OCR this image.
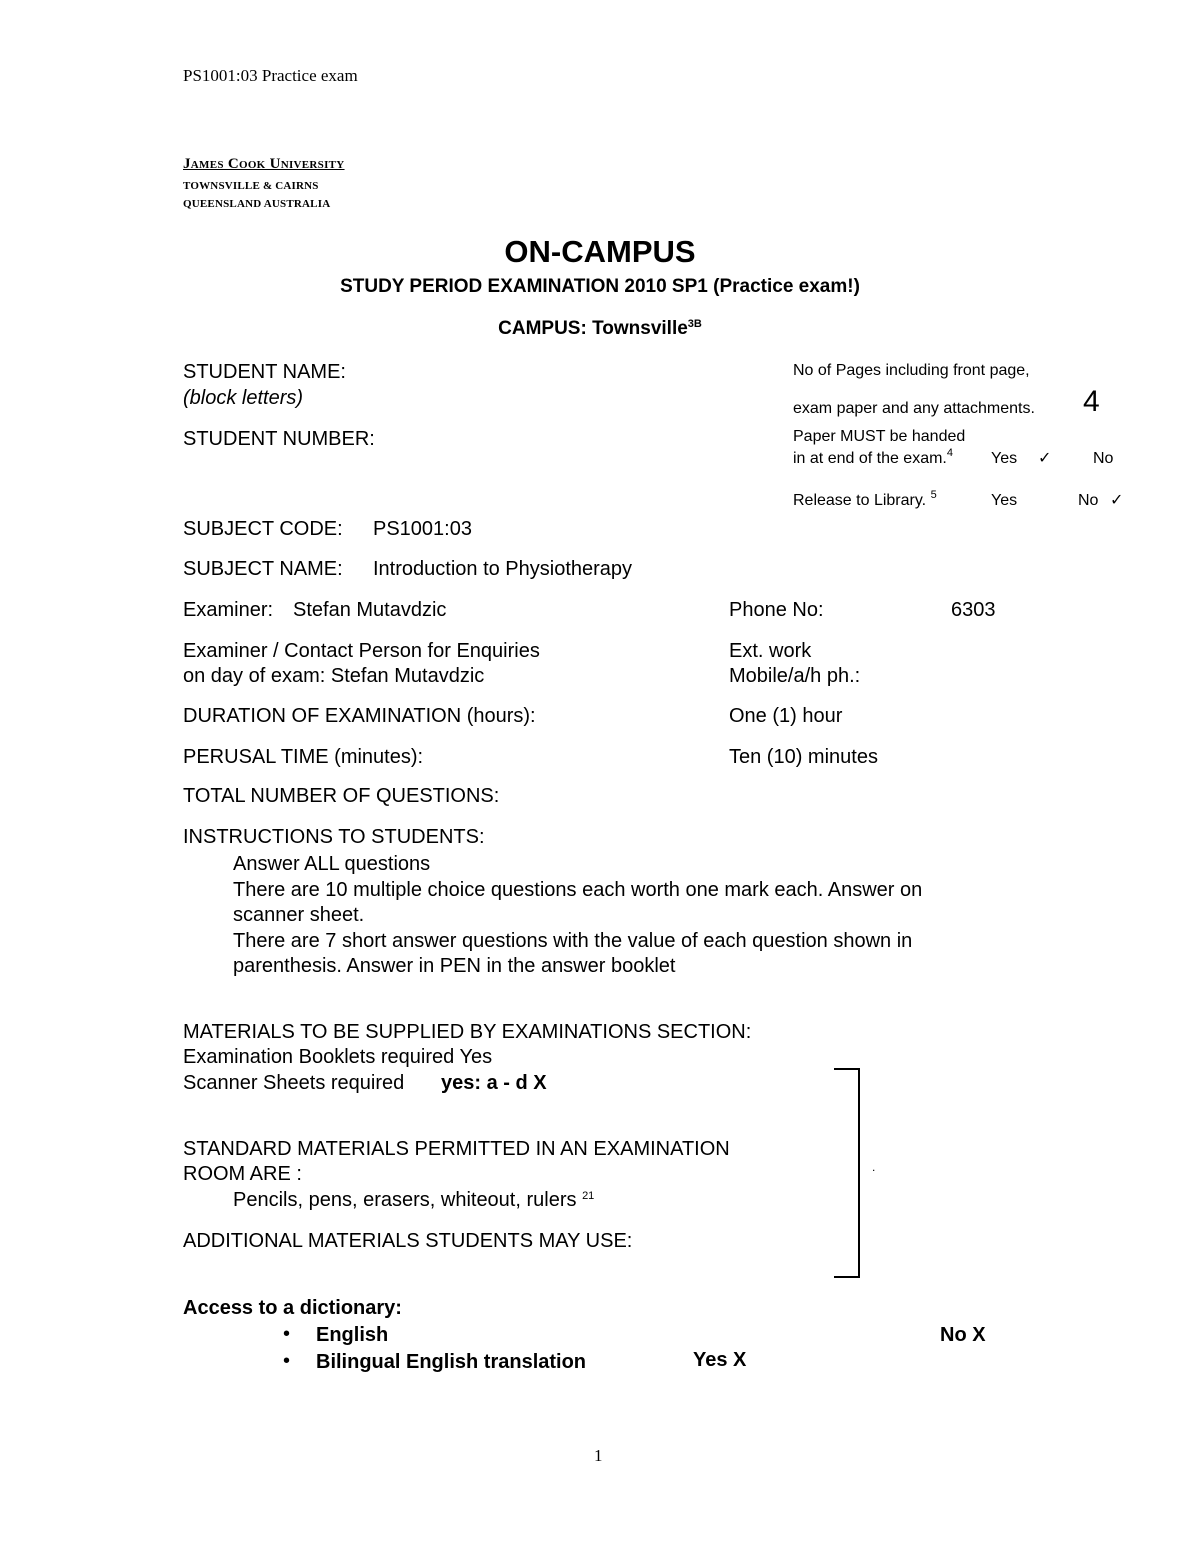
PS1001:03 Practice exam
James Cook University
TOWNSVILLE & CAIRNS
QUEENSLAND AUSTRALIA
ON-CAMPUS
STUDY PERIOD EXAMINATION 2010 SP1 (Practice exam!)
CAMPUS: Townsville$^{3B}$
STUDENT NAME:
(block letters)
STUDENT NUMBER:
No of Pages including front page,
exam paper and any attachments. 4
Paper MUST be handed
in at end of the exam.$^4$ Yes ✓	No
Release to Library. $^5$	Yes	No ✓
SUBJECT CODE: PS1001:03
SUBJECT NAME: Introduction to Physiotherapy
Examiner: Stefan Mutavdzic	Phone No:	6303
Examiner / Contact Person for Enquiries
on day of exam: Stefan Mutavdzic
Ext. work
Mobile/a/h ph.:
DURATION OF EXAMINATION (hours):	One (1) hour
PERUSAL TIME (minutes):	Ten (10) minutes
TOTAL NUMBER OF QUESTIONS:
INSTRUCTIONS TO STUDENTS:
Answer ALL questions
There are 10 multiple choice questions each worth one mark each. Answer on
scanner sheet.
There are 7 short answer questions with the value of each question shown in
parenthesis. Answer in PEN in the answer booklet
MATERIALS TO BE SUPPLIED BY EXAMINATIONS SECTION:
Examination Booklets required Yes
Scanner Sheets required yes: a - d X
.
STANDARD MATERIALS PERMITTED IN AN EXAMINATION
ROOM ARE :
Pencils, pens, erasers, whiteout, rulers $^{21}$
ADDITIONAL MATERIALS STUDENTS MAY USE:
Access to a dictionary:
• English	No X
• Bilingual English translation	Yes X
1
